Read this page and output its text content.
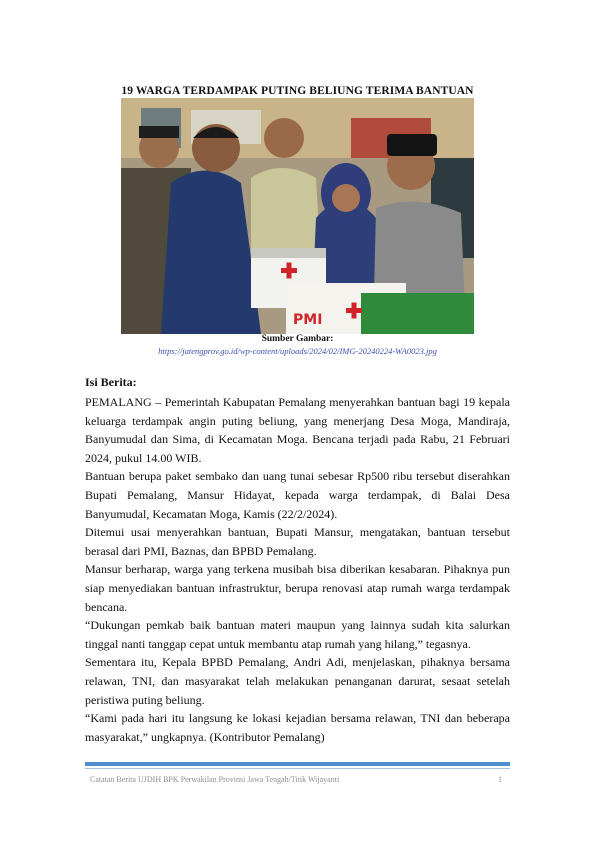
19 WARGA TERDAMPAK PUTING BELIUNG TERIMA BANTUAN
PMI
Sumber Gambar:
https://jatengprov.go.id/wp-content/uploads/2024/02/IMG-20240224-WA0023.jpg
Isi Berita:

PEMALANG – Pemerintah Kabupatan Pemalang menyerahkan bantuan bagi 19 kepala keluarga terdampak angin puting beliung, yang menerjang Desa Moga, Mandiraja, Banyumudal dan Sima, di Kecamatan Moga. Bencana terjadi pada Rabu, 21 Februari 2024, pukul 14.00 WIB.

Bantuan berupa paket sembako dan uang tunai sebesar Rp500 ribu tersebut diserahkan Bupati Pemalang, Mansur Hidayat, kepada warga terdampak, di Balai Desa Banyumudal, Kecamatan Moga, Kamis (22/2/2024).

Ditemui usai menyerahkan bantuan, Bupati Mansur, mengatakan, bantuan tersebut berasal dari PMI, Baznas, dan BPBD Pemalang.

Mansur berharap, warga yang terkena musibah bisa diberikan kesabaran. Pihaknya pun siap menyediakan bantuan infrastruktur, berupa renovasi atap rumah warga terdampak bencana.

“Dukungan pemkab baik bantuan materi maupun yang lainnya sudah kita salurkan tinggal nanti tanggap cepat untuk membantu atap rumah yang hilang,” tegasnya.

Sementara itu, Kepala BPBD Pemalang, Andri Adi, menjelaskan, pihaknya bersama relawan, TNI, dan masyarakat telah melakukan penanganan darurat, sesaat setelah peristiwa puting beliung.

“Kami pada hari itu langsung ke lokasi kejadian bersama relawan, TNI dan beberapa masyarakat,” ungkapnya. (Kontributor Pemalang)

Catatan Berita UJDIH BPK Perwakilan Provinsi Jawa Tengah/Titik Wijayanti	1
